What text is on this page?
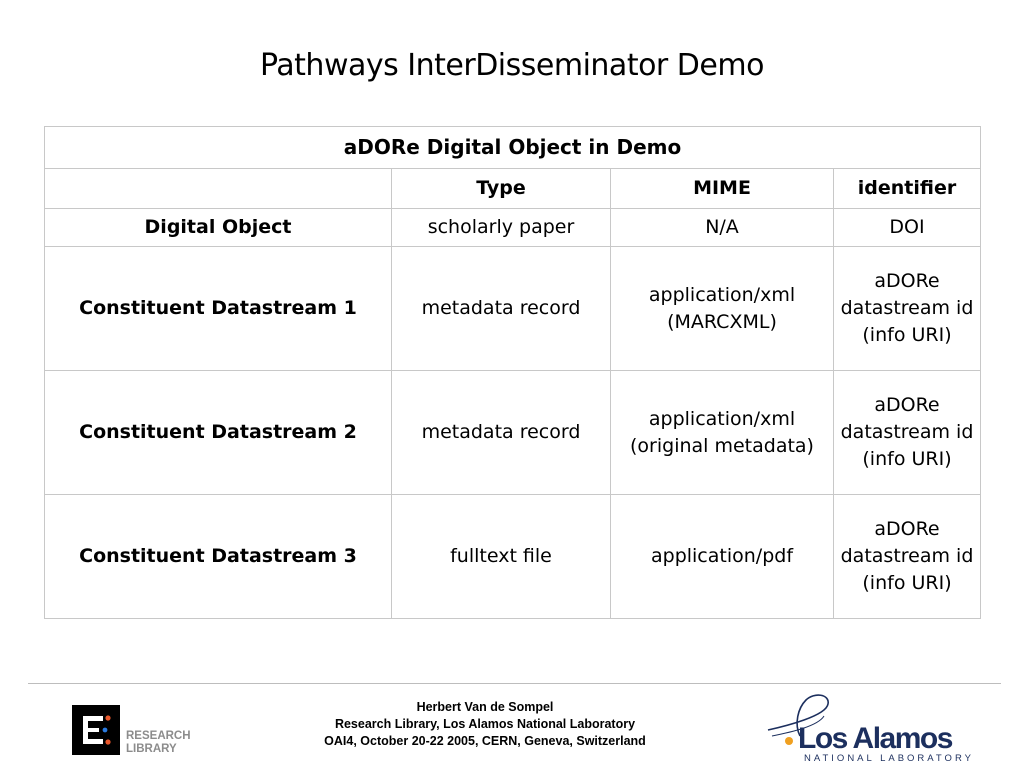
Pathways InterDisseminator Demo
aDORe Digital Object in Demo			
	Type	MIME	identifier
Digital Object	scholarly paper	N/A	DOI
Constituent Datastream 1	metadata record	application/xml (MARCXML)	aDORe datastream id (info URI)
Constituent Datastream 2	metadata record	application/xml (original metadata)	aDORe datastream id (info URI)
Constituent Datastream 3	fulltext file	application/pdf	aDORe datastream id (info URI)
RESEARCH
LIBRARY
Herbert Van de Sompel
Research Library, Los Alamos National Laboratory
OAI4, October 20-22 2005, CERN, Geneva, Switzerland	Los Alamos
NATIONAL LABORATORY
